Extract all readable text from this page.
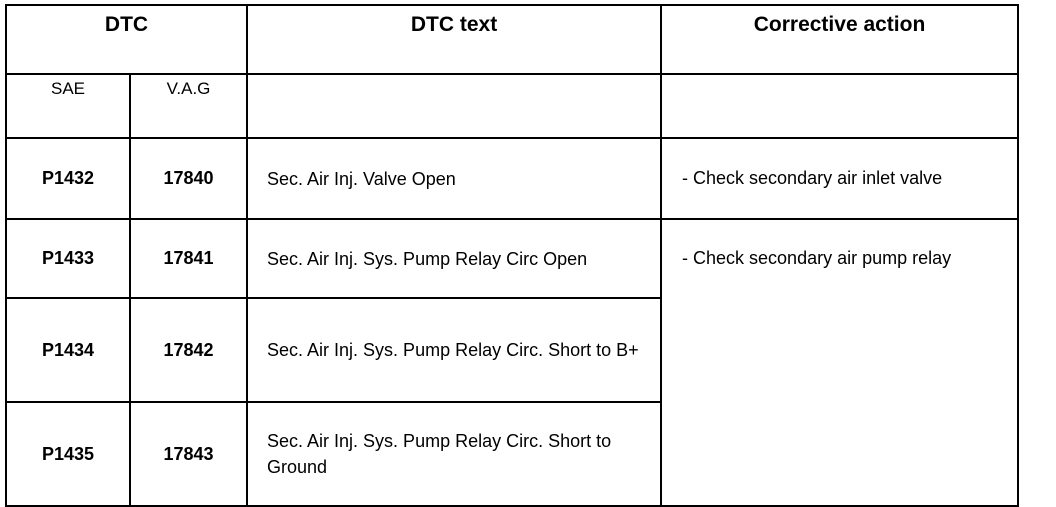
DTC		DTC text	Corrective action
SAE	V.A.G		
P1432	17840	Sec. Air Inj. Valve Open	- Check secondary air inlet valve
P1433	17841	Sec. Air Inj. Sys. Pump Relay Circ Open	- Check secondary air pump relay
P1434	17842	Sec. Air Inj. Sys. Pump Relay Circ. Short to B+	
P1435	17843	Sec. Air Inj. Sys. Pump Relay Circ. Short to Ground	
